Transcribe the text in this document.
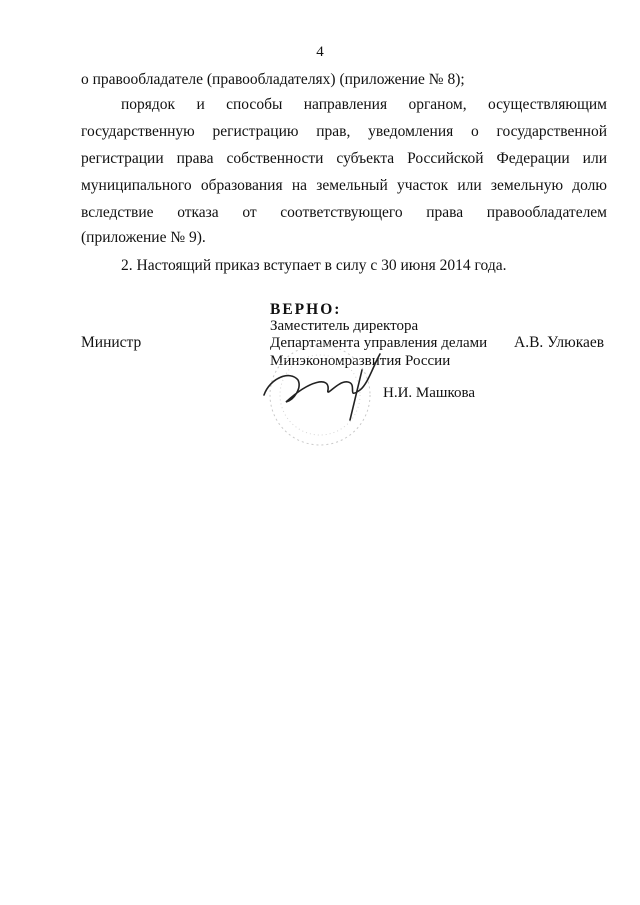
4
о правообладателе (правообладателях) (приложение № 8);
порядок и способы направления органом, осуществляющим
государственную регистрацию прав, уведомления о государственной
регистрации права собственности субъекта Российской Федерации или
муниципального образования на земельный участок или земельную долю
вследствие отказа от соответствующего права правообладателем
(приложение № 9).
2. Настоящий приказ вступает в силу с 30 июня 2014 года.
ВЕРНО:
Заместитель директора
Департамента управления делами
Минэкономразвития России
Министр	А.В. Улюкаев
Н.И. Машкова
